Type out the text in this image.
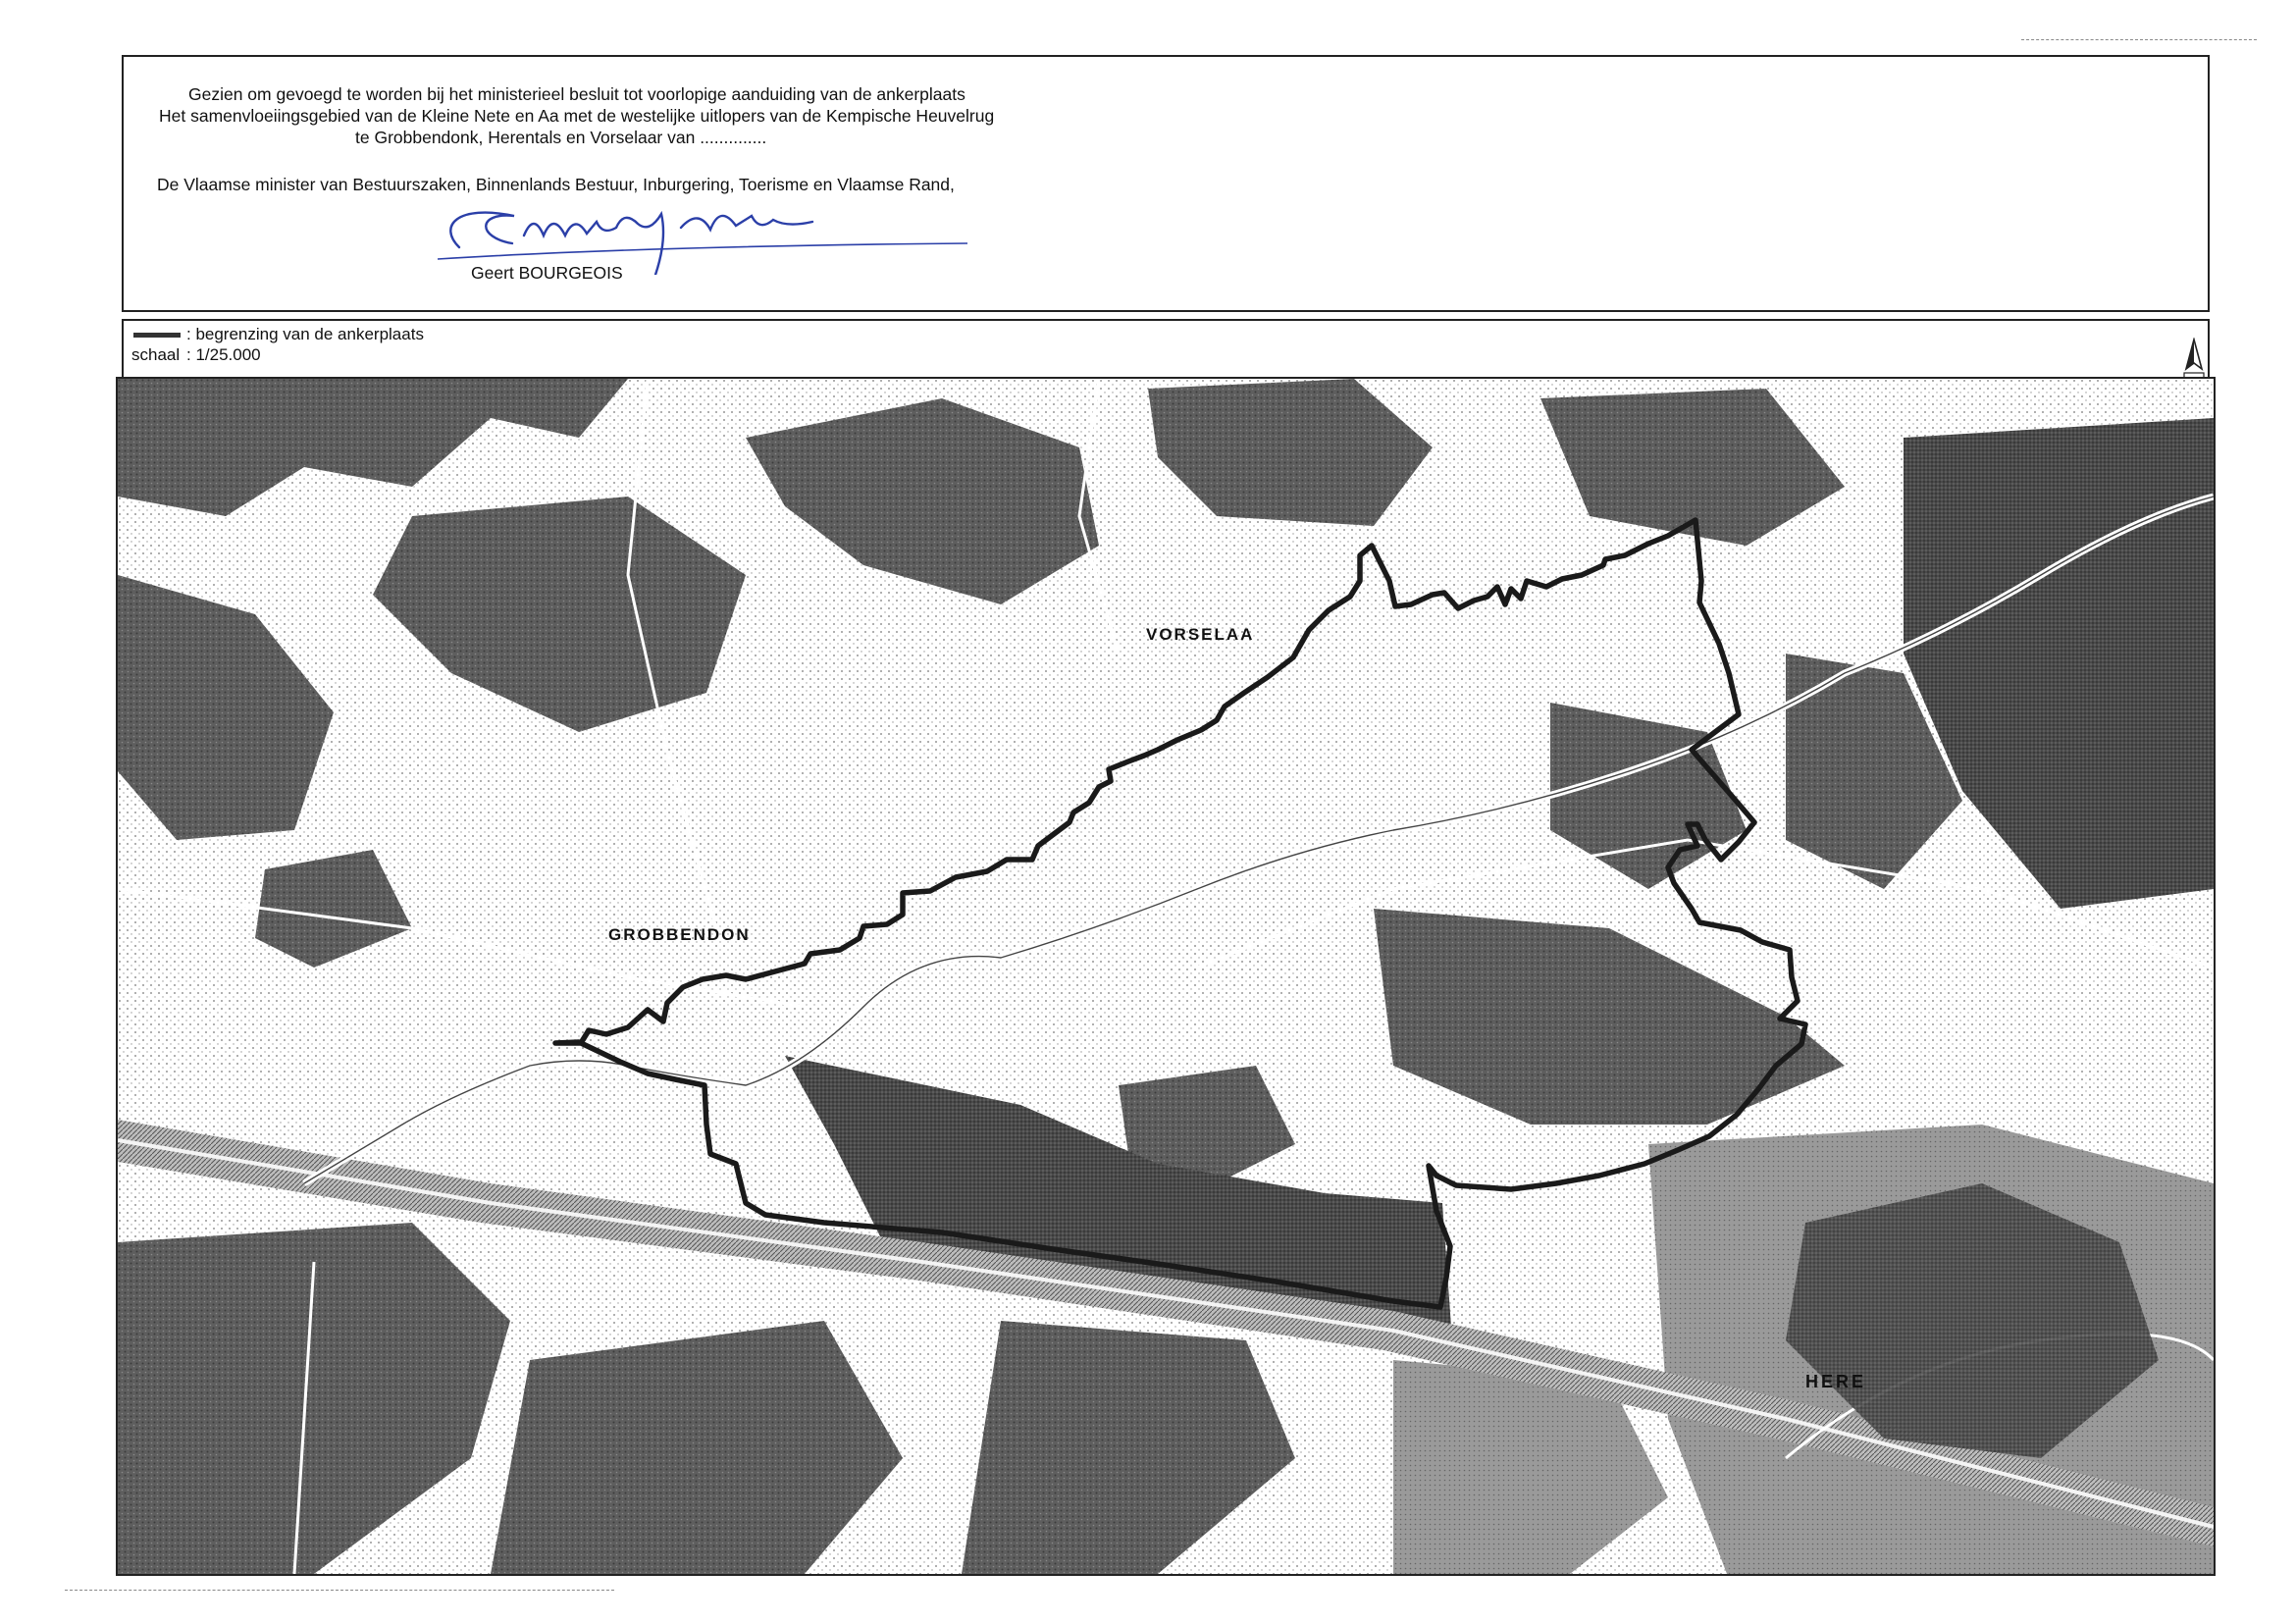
Gezien om gevoegd te worden bij het ministerieel besluit tot voorlopige aanduiding van de ankerplaats
Het samenvloeiingsgebied van de Kleine Nete en Aa met de westelijke uitlopers van de Kempische Heuvelrug
te Grobbendonk, Herentals en Vorselaar van ..............
De Vlaamse minister van Bestuurszaken, Binnenlands Bestuur, Inburgering, Toerisme en Vlaamse Rand,
Geert BOURGEOIS
: begrenzing van de ankerplaats
schaal : 1/25.000
VORSELAA
GROBBENDON
HERE
